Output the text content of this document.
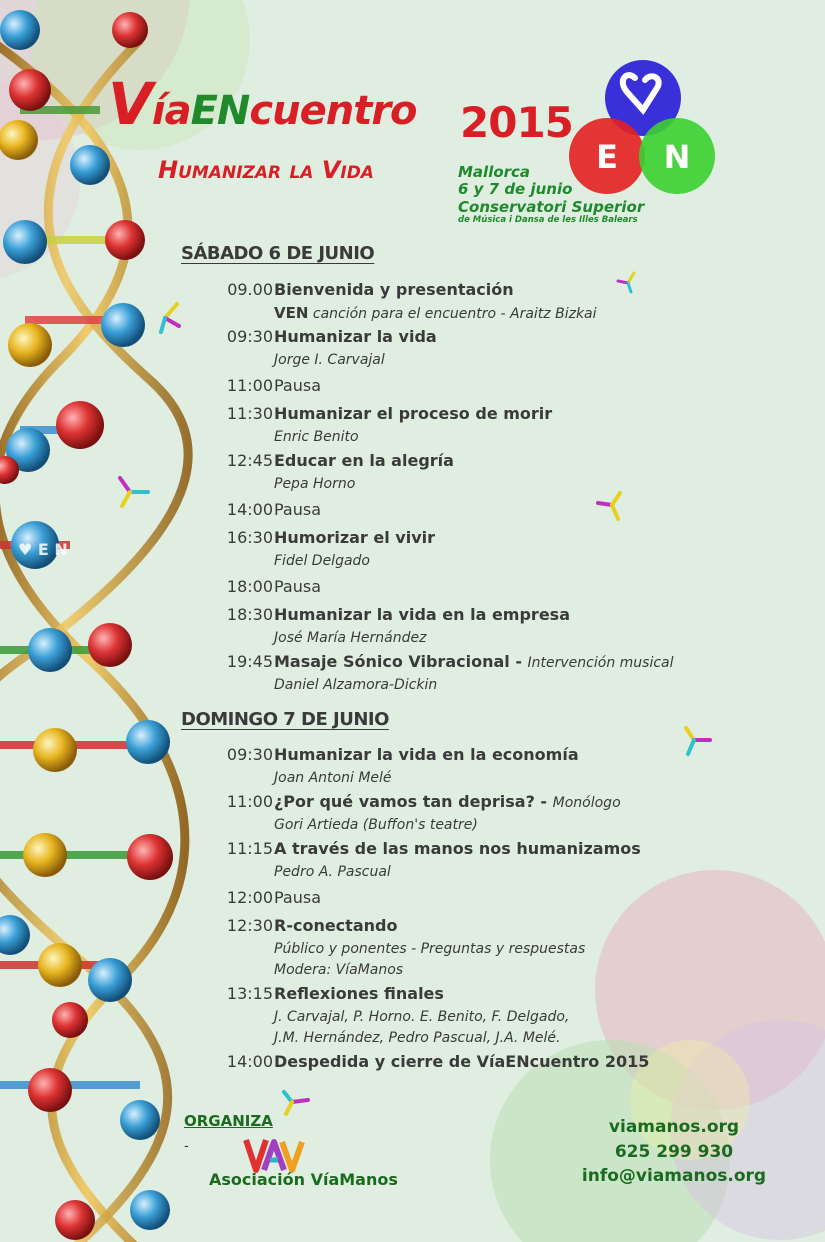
♥ E N
VíaENcuentro
Humanizar la Vida
2015
Mallorca
6 y 7 de junio
Conservatori Superior
de Música i Dansa de les Illes Balears
E N
SÁBADO 6 DE JUNIO
09.00 Bienvenida y presentación
VEN canción para el encuentro - Araitz Bizkai
09:30 Humanizar la vida
Jorge I. Carvajal
11:00 Pausa
11:30 Humanizar el proceso de morir
Enric Benito
12:45 Educar en la alegría
Pepa Horno
14:00 Pausa
16:30 Humorizar el vivir
Fidel Delgado
18:00 Pausa
18:30 Humanizar la vida en la empresa
José María Hernández
19:45 Masaje Sónico Vibracional - Intervención musical
Daniel Alzamora-Dickin
DOMINGO 7 DE JUNIO
09:30 Humanizar la vida en la economía
Joan Antoni Melé
11:00 ¿Por qué vamos tan deprisa? - Monólogo
Gori Artieda (Buffon's teatre)
11:15 A través de las manos nos humanizamos
Pedro A. Pascual
12:00 Pausa
12:30 R-conectando
Público y ponentes - Preguntas y respuestas
Modera: VíaManos
13:15 Reflexiones finales
J. Carvajal, P. Horno. E. Benito, F. Delgado,
J.M. Hernández, Pedro Pascual, J.A. Melé.
14:00 Despedida y cierre de VíaENcuentro 2015
ORGANIZA
-
Asociación VíaManos
viamanos.org
625 299 930
info@viamanos.org
